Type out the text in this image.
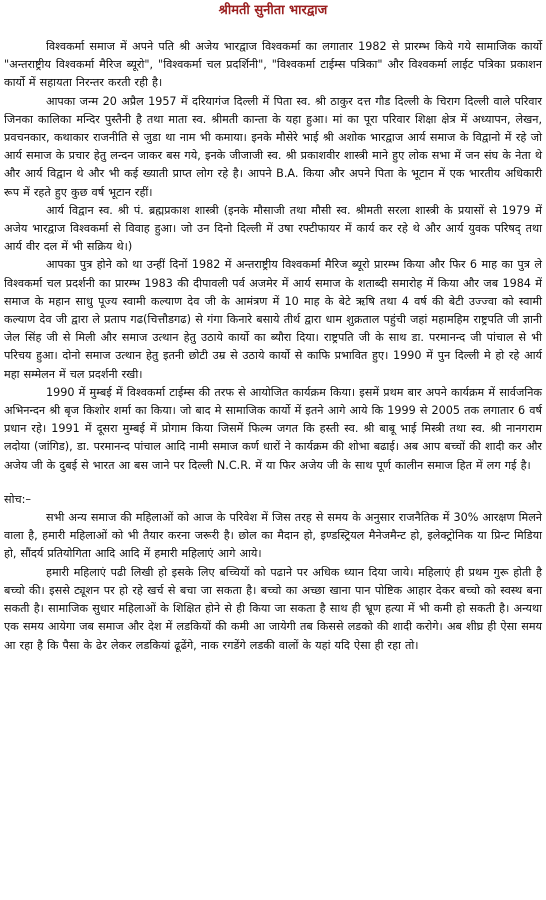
श्रीमती सुनीता भारद्वाज

विश्वकर्मा समाज में अपने पति श्री अजेय भारद्वाज विश्वकर्मा का लगातार 1982 से प्रारम्भ किये गये सामाजिक कार्यो "अन्तराष्ट्रीय विश्वकर्मा मैरिज ब्यूरो", "विश्वकर्मा चल प्रदर्शिनी", "विश्वकर्मा टाईम्स पत्रिका" और विश्वकर्मा लाईट पत्रिका प्रकाशन कार्यो में सहायता निरन्तर करती रही है।

आपका जन्म 20 अप्रैल 1957 में दरियागंज दिल्ली में पिता स्व. श्री ठाकुर दत्त गौड दिल्ली के चिराग दिल्ली वाले परिवार जिनका कालिका मन्दिर पुस्तैनी है तथा माता स्व. श्रीमती कान्ता के यहा हुआ। मां का पूरा परिवार शिक्षा क्षेत्र में अध्यापन, लेखन, प्रवचनकार, कथाकार राजनीति से जुडा था नाम भी कमाया। इनके मौसेरे भाई श्री अशोक भारद्वाज आर्य समाज के विद्वानो में रहे जो आर्य समाज के प्रचार हेतु लन्दन जाकर बस गये, इनके जीजाजी स्व. श्री प्रकाशवीर शास्त्री माने हुए लोक सभा में जन संघ के नेता थे और आर्य विद्वान थे और भी कई ख्याती प्राप्त लोग रहे है। आपने B.A. किया और अपने पिता के भूटान में एक भारतीय अधिकारी रूप में रहते हुए कुछ वर्ष भूटान रहीं।

आर्य विद्वान स्व. श्री पं. ब्रह्मप्रकाश शास्त्री (इनके मौसाजी तथा मौसी स्व. श्रीमती सरला शास्त्री के प्रयासों से 1979 में अजेय भारद्वाज विश्वकर्मा से विवाह हुआ। जो उन दिनो दिल्ली में उषा रफ्टीफायर में कार्य कर रहे थे और आर्य युवक परिषद् तथा आर्य वीर दल में भी सक्रिय थे।)

आपका पुत्र होने को था उन्हीं दिनों 1982 में अन्तराष्ट्रीय विश्वकर्मा मैरिज ब्यूरो प्रारम्भ किया और फिर 6 माह का पुत्र ले विश्वकर्मा चल प्रदर्शनी का प्रारम्भ 1983 की दीपावली पर्व अजमेर में आर्य समाज के शताब्दी समारोह में किया और जब 1984 में समाज के महान साधु पूज्य स्वामी कल्याण देव जी के आमंत्रण में 10 माह के बेटे ऋषि तथा 4 वर्ष की बेटी उज्ज्वा को स्वामी कल्याण देव जी द्वारा ले प्रताप गढ(चित्तौडगढ) से गंगा किनारे बसाये तीर्थ द्वारा धाम शुक्रताल पहुंची जहां महामहिम राष्ट्रपति जी ज्ञानी जेल सिंह जी से मिली और समाज उत्थान हेतु उठाये कार्यो का ब्यौरा दिया। राष्ट्रपति जी के साथ डा. परमानन्द जी पांचाल से भी परिचय हुआ। दोनो समाज उत्थान हेतु इतनी छोटी उम्र से उठाये कार्यो से काफि प्रभावित हुए। 1990 में पुन दिल्ली मे हो रहे आर्य महा सम्मेलन में चल प्रदर्शनी रखी।

1990 में मुम्बई में विश्वकर्मा टाईम्स की तरफ से आयोजित कार्यक्रम किया। इसमें प्रथम बार अपने कार्यक्रम में सार्वजनिक अभिनन्दन श्री बृज किशोर शर्मा का किया। जो बाद मे सामाजिक कार्यो में इतने आगे आये कि 1999 से 2005 तक लगातार 6 वर्ष प्रधान रहे। 1991 में दूसरा मुम्बई में प्रोगाम किया जिसमें फिल्म जगत कि हस्ती स्व. श्री बाबू भाई मिस्त्री तथा स्व. श्री नानगराम लदोया (जांगिड), डा. परमानन्द पांचाल आदि नामी समाज कर्ण धारों ने कार्यक्रम की शोभा बढाई। अब आप बच्चों की शादी कर और अजेय जी के दुबई से भारत आ बस जाने पर दिल्ली N.C.R. में या फिर अजेय जी के साथ पूर्ण कालीन समाज हित में लग गई है।

सोच:–

सभी अन्य समाज की महिलाओं को आज के परिवेश में जिस तरह से समय के अनुसार राजनैतिक में 30% आरक्षण मिलने वाला है, हमारी महिलाओं को भी तैयार करना जरूरी है। छोल का मैदान हो, इण्डस्ट्रियल मैनेजमैन्ट हो, इलेक्ट्रोनिक या प्रिन्ट मिडिया हो, सौंदर्य प्रतियोगिता आदि आदि में हमारी महिलाएं आगे आये।

हमारी महिलाएं पढी लिखी हो इसके लिए बच्चियों को पढाने पर अधिक ध्यान दिया जाये। महिलाएं ही प्रथम गुरू होती है बच्चो की। इससे ट्यूशन पर हो रहे खर्च से बचा जा सकता है। बच्चो का अच्छा खाना पान पोष्टिक आहार देकर बच्चो को स्वस्थ बना सकती है। सामाजिक सुधार महिलाओं के शिक्षित होने से ही किया जा सकता है साथ ही भ्रूण हत्या में भी कमी हो सकती है। अन्यथा एक समय आयेगा जब समाज और देश में लडकियों की कमी आ जायेगी तब किससे लडको की शादी करोगे। अब शीघ्र ही ऐसा समय आ रहा है कि पैसा के ढेर लेकर लडकियां ढूढेंगे, नाक रगडेंगे लडकी वालों के यहां यदि ऐसा ही रहा तो।
